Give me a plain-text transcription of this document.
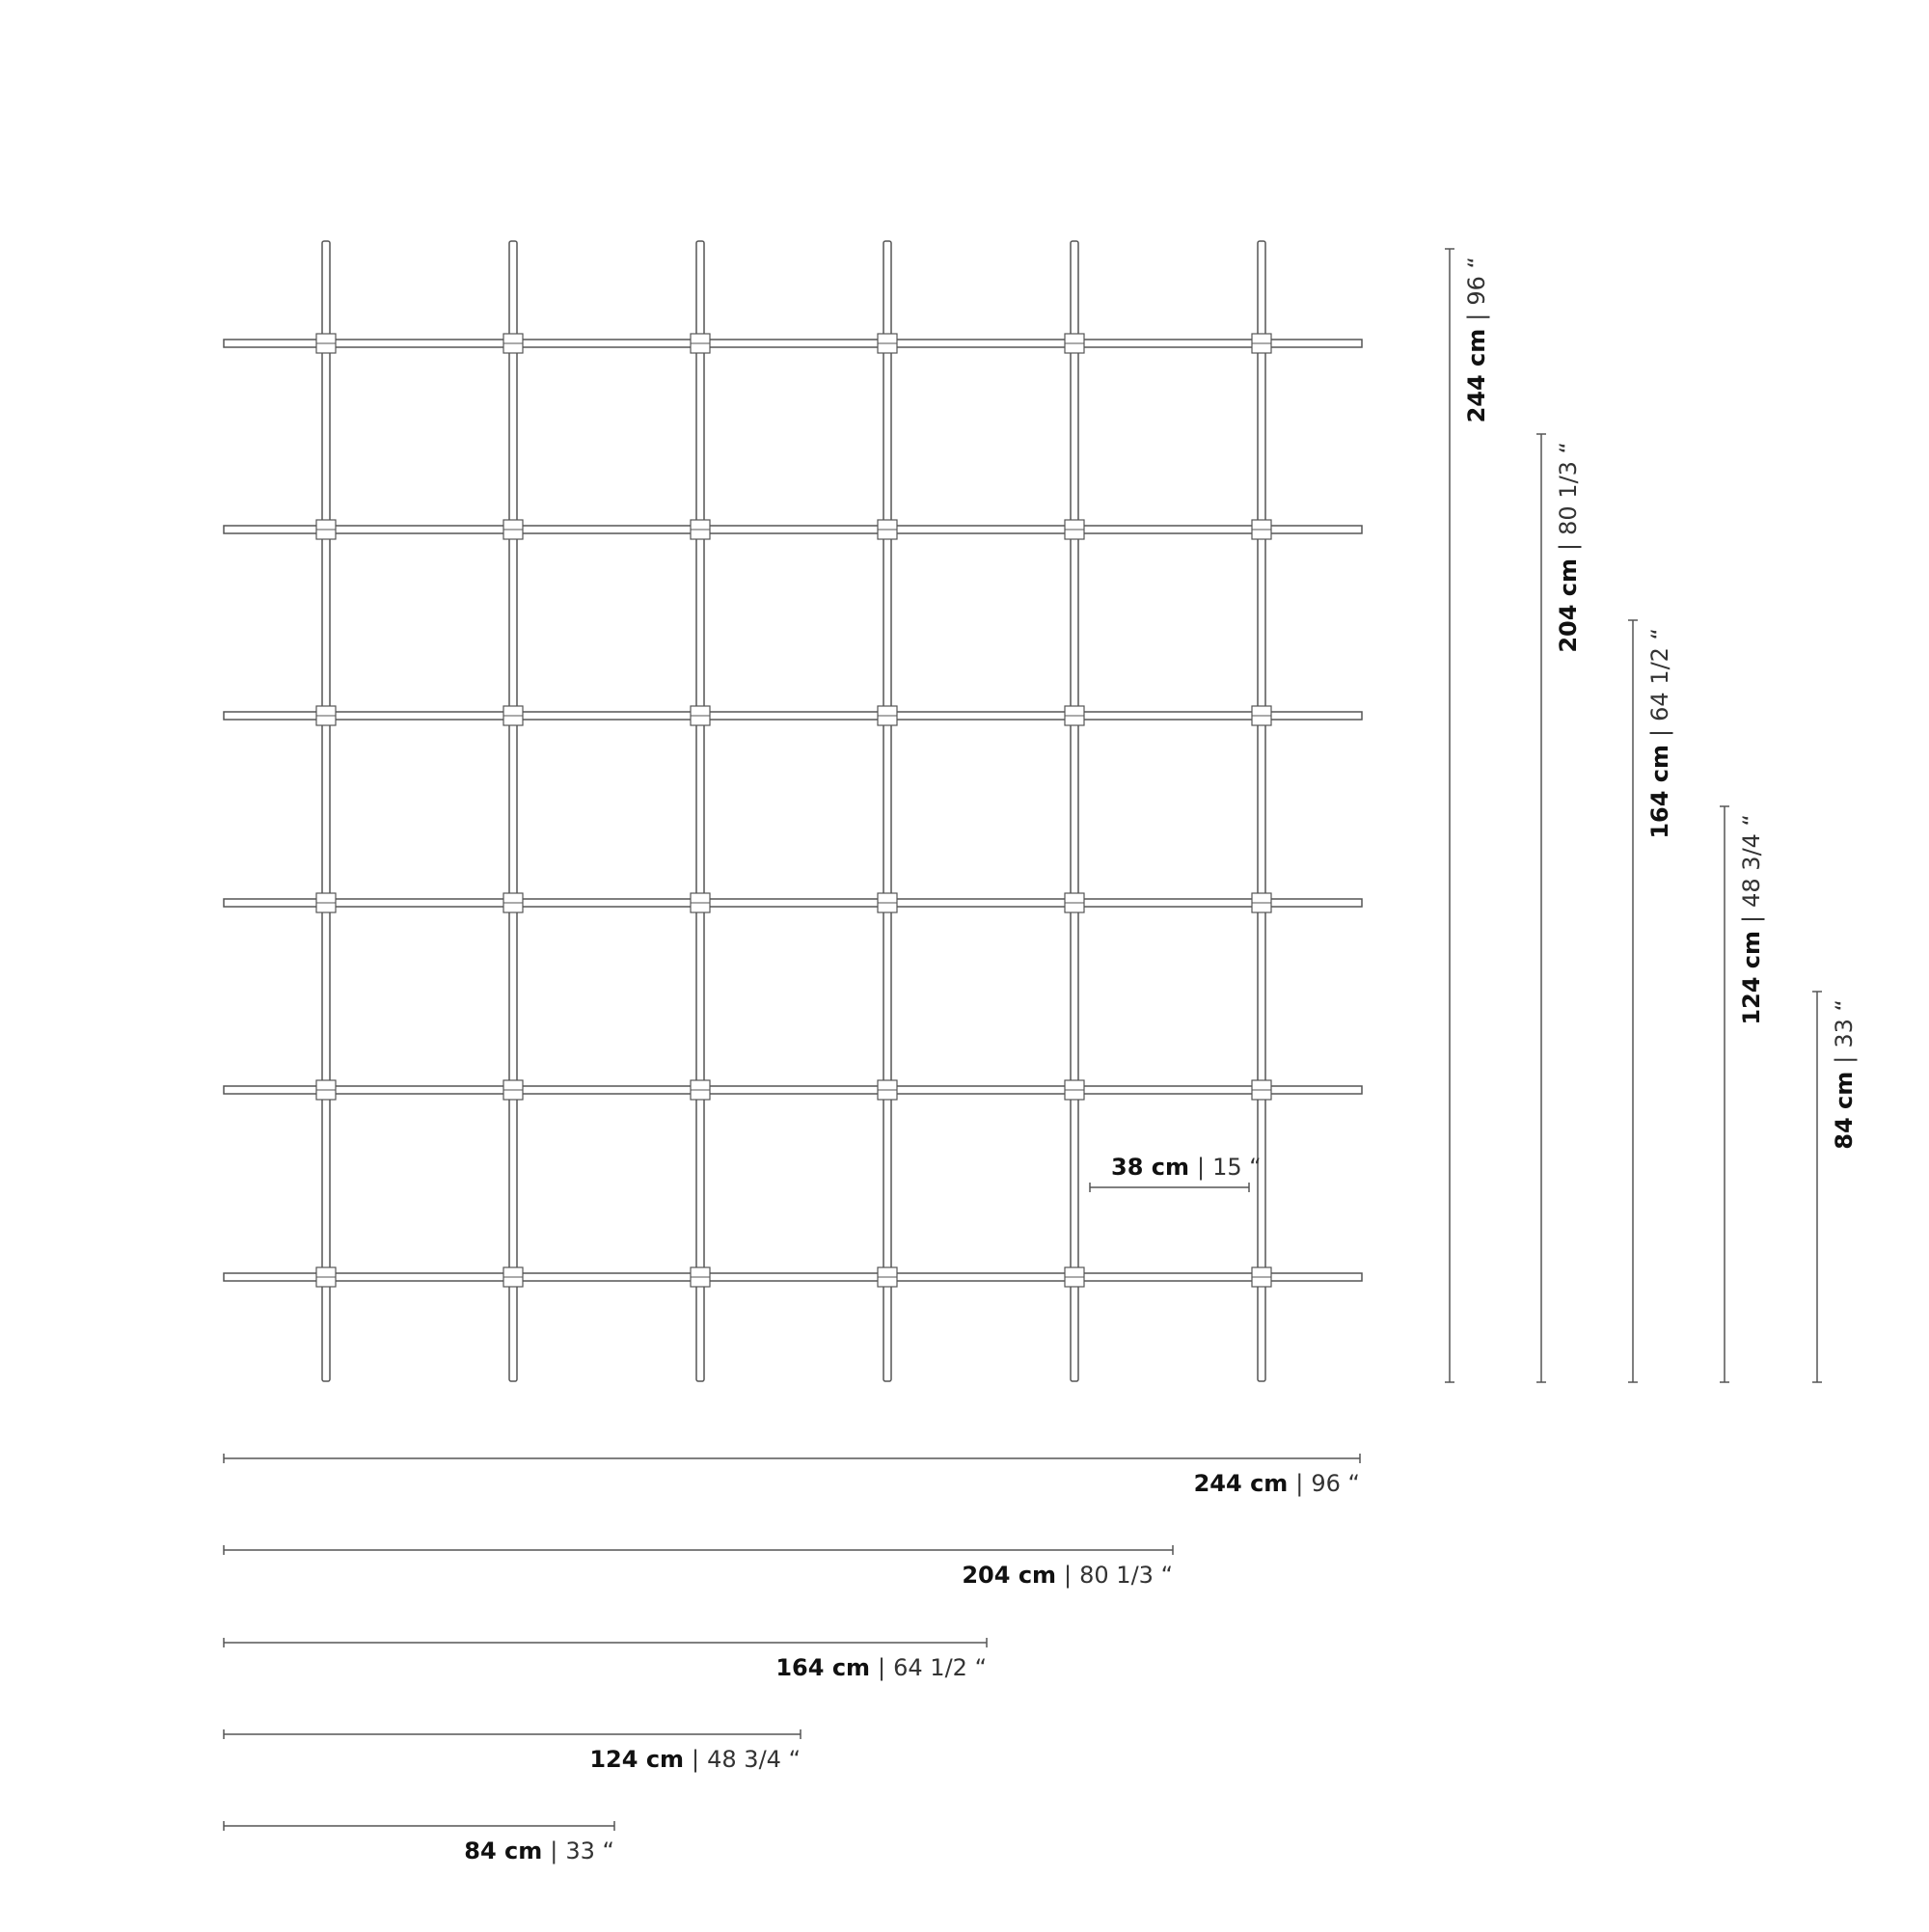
38 cm | 15 “
244 cm|96 “
204 cm|80 1/3 “
164 cm|64 1/2 “
124 cm|48 3/4 “
84 cm|33 “
244 cm | 96 “
204 cm | 80 1/3 “
164 cm | 64 1/2 “
124 cm | 48 3/4 “
84 cm | 33 “
